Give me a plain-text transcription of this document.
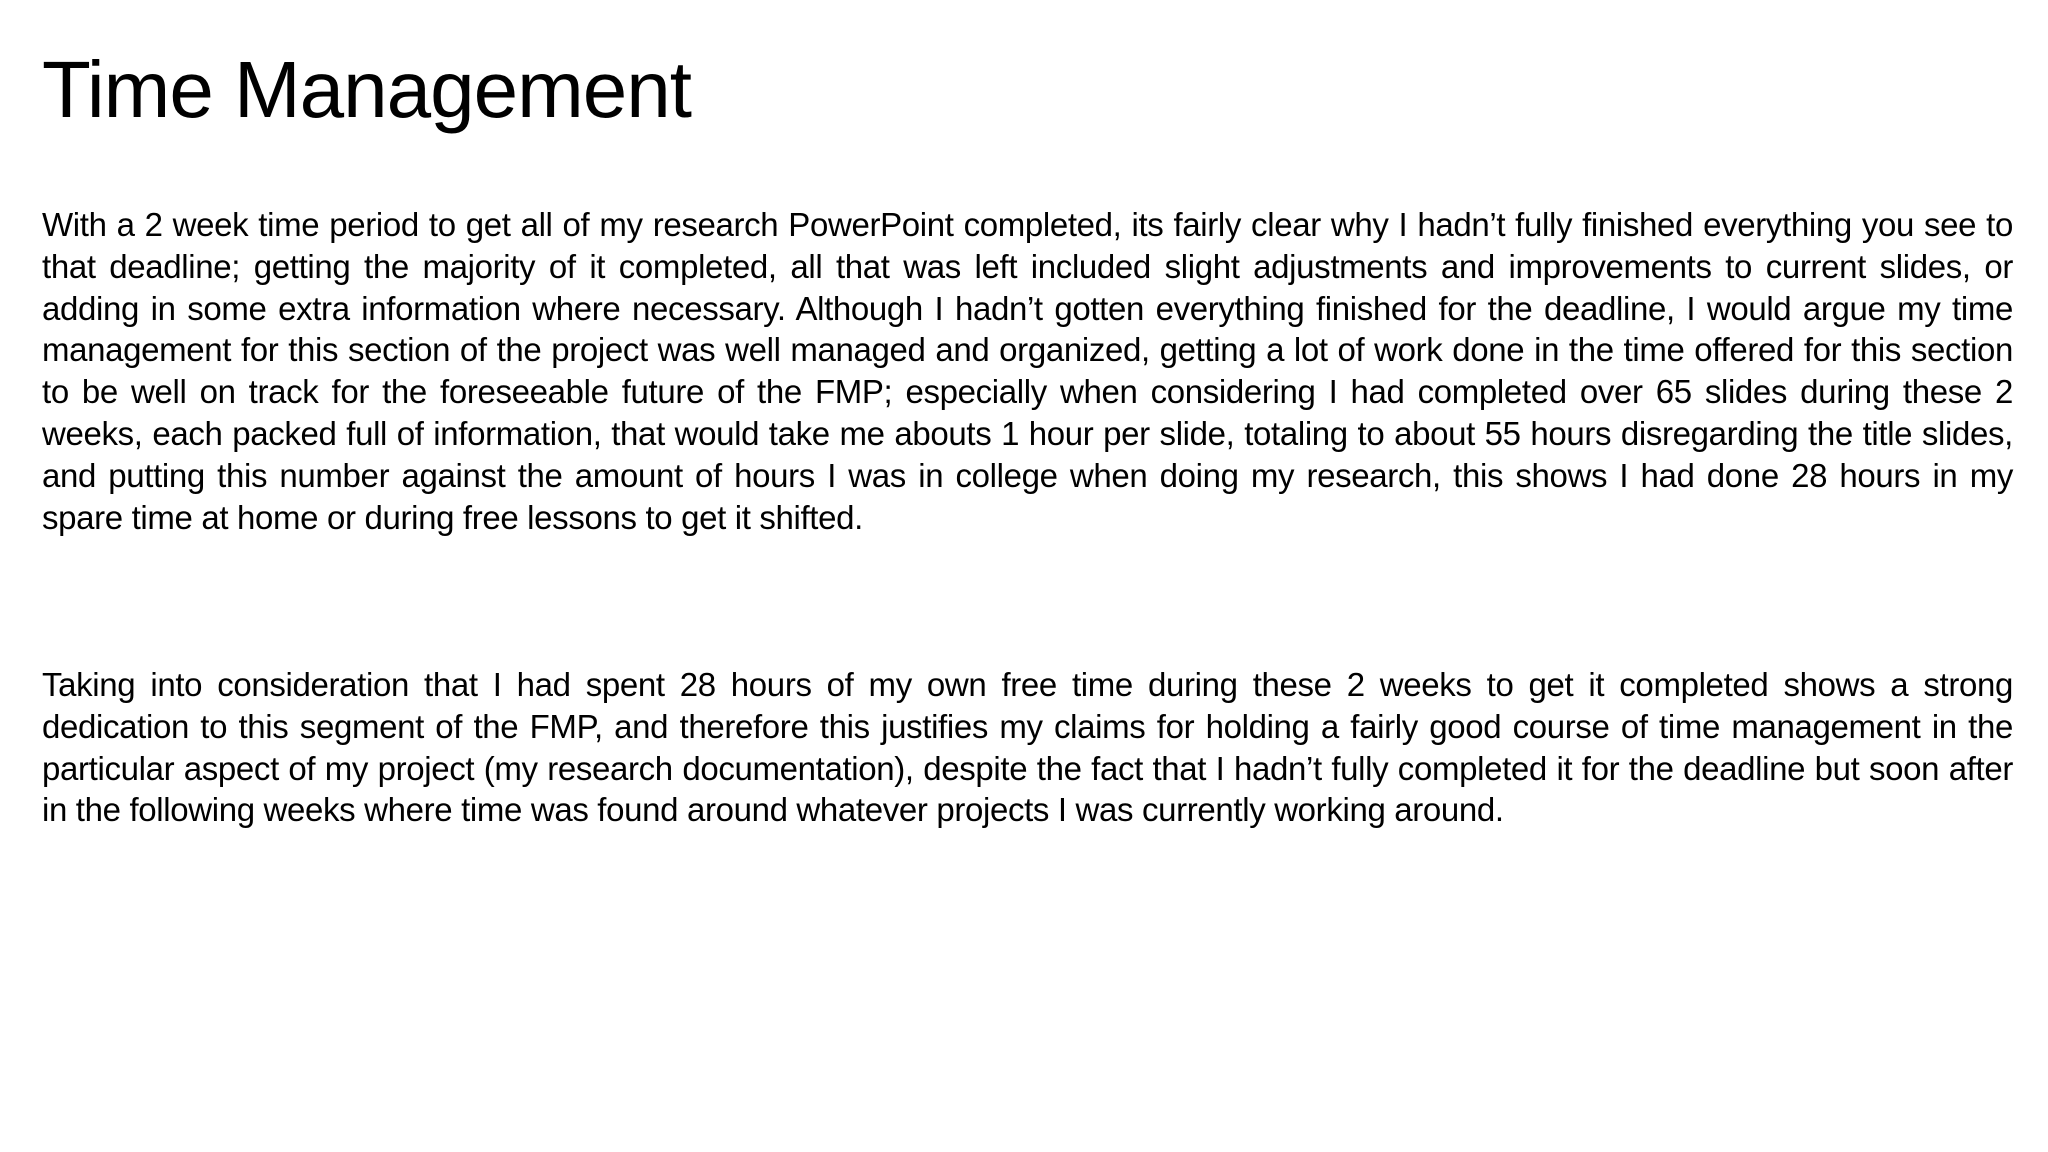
Time Management

With a 2 week time period to get all of my research PowerPoint completed, its fairly clear why I hadn’t fully finished everything you see to that deadline; getting the majority of it completed, all that was left included slight adjustments and improvements to current slides, or adding in some extra information where necessary. Although I hadn’t gotten everything finished for the deadline, I would argue my time management for this section of the project was well managed and organized, getting a lot of work done in the time offered for this section to be well on track for the foreseeable future of the FMP; especially when considering I had completed over 65 slides during these 2 weeks, each packed full of information, that would take me abouts 1 hour per slide, totaling to about 55 hours disregarding the title slides, and putting this number against the amount of hours I was in college when doing my research, this shows I had done 28 hours in my spare time at home or during free lessons to get it shifted.

Taking into consideration that I had spent 28 hours of my own free time during these 2 weeks to get it completed shows a strong dedication to this segment of the FMP, and therefore this justifies my claims for holding a fairly good course of time management in the particular aspect of my project (my research documentation), despite the fact that I hadn’t fully completed it for the deadline but soon after in the following weeks where time was found around whatever projects I was currently working around.
